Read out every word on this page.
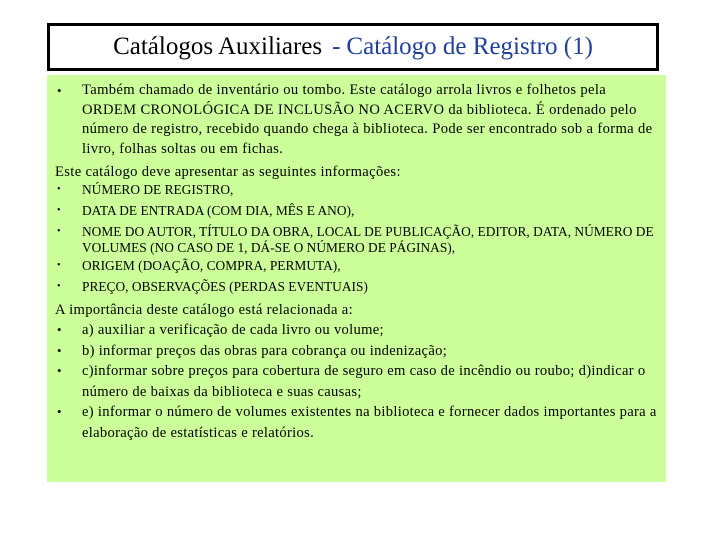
Catálogos Auxiliares - Catálogo de Registro (1)
• Também chamado de inventário ou tombo. Este catálogo arrola livros e folhetos pela ORDEM CRONOLÓGICA DE INCLUSÃO NO ACERVO da biblioteca. É ordenado pelo número de registro, recebido quando chega à biblioteca. Pode ser encontrado sob a forma de livro, folhas soltas ou em fichas.
Este catálogo deve apresentar as seguintes informações:
• NÚMERO DE REGISTRO,
• DATA DE ENTRADA (COM DIA, MÊS E ANO),
• NOME DO AUTOR, TÍTULO DA OBRA, LOCAL DE PUBLICAÇÃO, EDITOR, DATA, NÚMERO DE VOLUMES (NO CASO DE 1, DÁ-SE O NÚMERO DE PÁGINAS),
• ORIGEM (DOAÇÃO, COMPRA, PERMUTA),
• PREÇO, OBSERVAÇÕES (PERDAS EVENTUAIS)
A importância deste catálogo está relacionada a:
• a) auxiliar a verificação de cada livro ou volume;
• b) informar preços das obras para cobrança ou indenização;
• c)informar sobre preços para cobertura de seguro em caso de incêndio ou roubo; d)indicar o número de baixas da biblioteca e suas causas;
• e) informar o número de volumes existentes na biblioteca e fornecer dados importantes para a elaboração de estatísticas e relatórios.
